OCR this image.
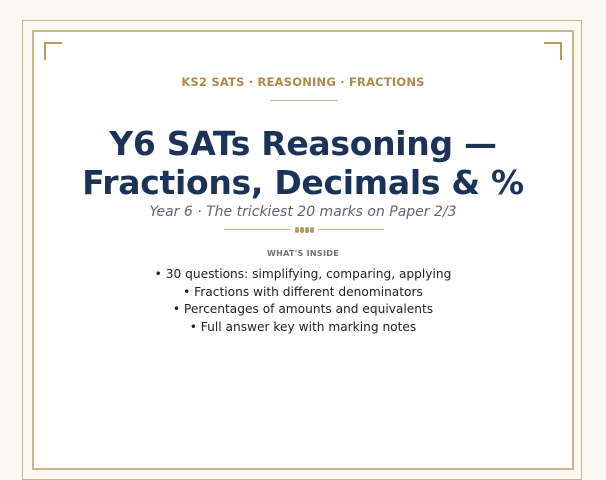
KS2 SATS · REASONING · FRACTIONS
Y6 SATs Reasoning —
Fractions, Decimals & %
Year 6 · The trickiest 20 marks on Paper 2/3
WHAT'S INSIDE
• 30 questions: simplifying, comparing, applying
• Fractions with different denominators
• Percentages of amounts and equivalents
• Full answer key with marking notes
